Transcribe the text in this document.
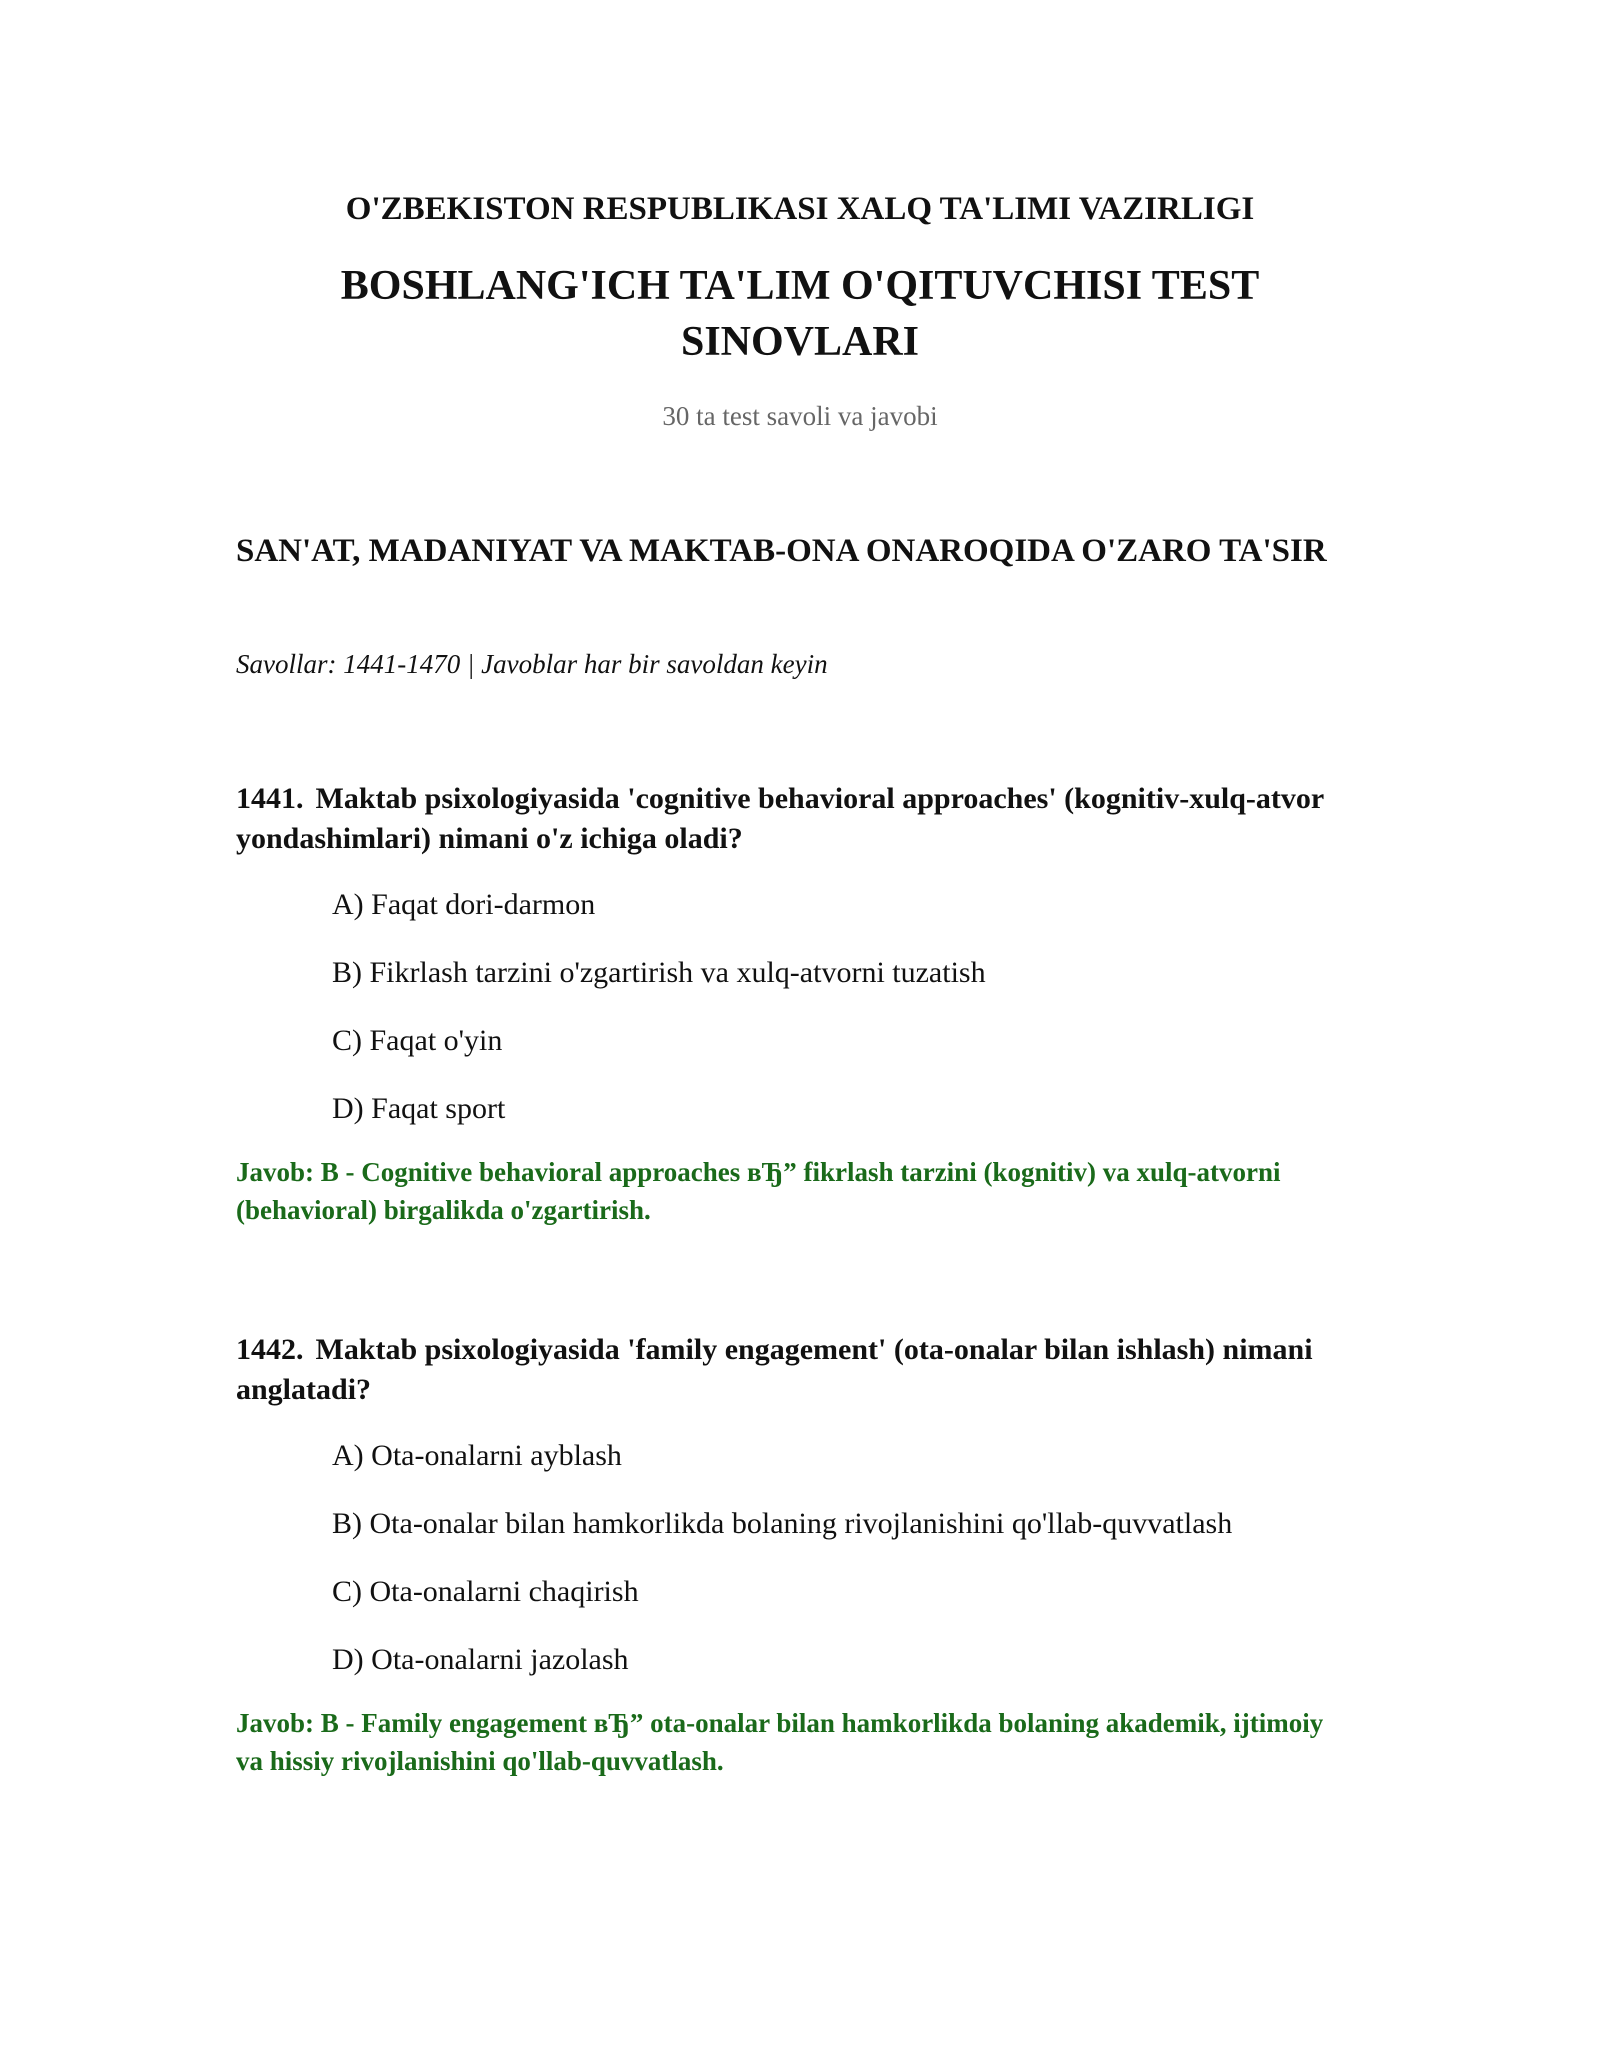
O'ZBEKISTON RESPUBLIKASI XALQ TA'LIMI VAZIRLIGI
BOSHLANG'ICH TA'LIM O'QITUVCHISI TEST SINOVLARI

30 ta test savoli va javobi

SAN'AT, MADANIYAT VA MAKTAB-ONA ONAROQIDA O'ZARO TA'SIR

Savollar: 1441-1470 | Javoblar har bir savoldan keyin

1441. Maktab psixologiyasida 'cognitive behavioral approaches' (kognitiv-xulq-atvor yondashimlari) nimani o'z ichiga oladi?

A) Faqat dori-darmon
B) Fikrlash tarzini o'zgartirish va xulq-atvorni tuzatish
C) Faqat o'yin
D) Faqat sport

Javob: B - Cognitive behavioral approaches вЂ” fikrlash tarzini (kognitiv) va xulq-atvorni (behavioral) birgalikda o'zgartirish.

1442. Maktab psixologiyasida 'family engagement' (ota-onalar bilan ishlash) nimani anglatadi?

A) Ota-onalarni ayblash
B) Ota-onalar bilan hamkorlikda bolaning rivojlanishini qo'llab-quvvatlash
C) Ota-onalarni chaqirish
D) Ota-onalarni jazolash

Javob: B - Family engagement вЂ” ota-onalar bilan hamkorlikda bolaning akademik, ijtimoiy va hissiy rivojlanishini qo'llab-quvvatlash.
